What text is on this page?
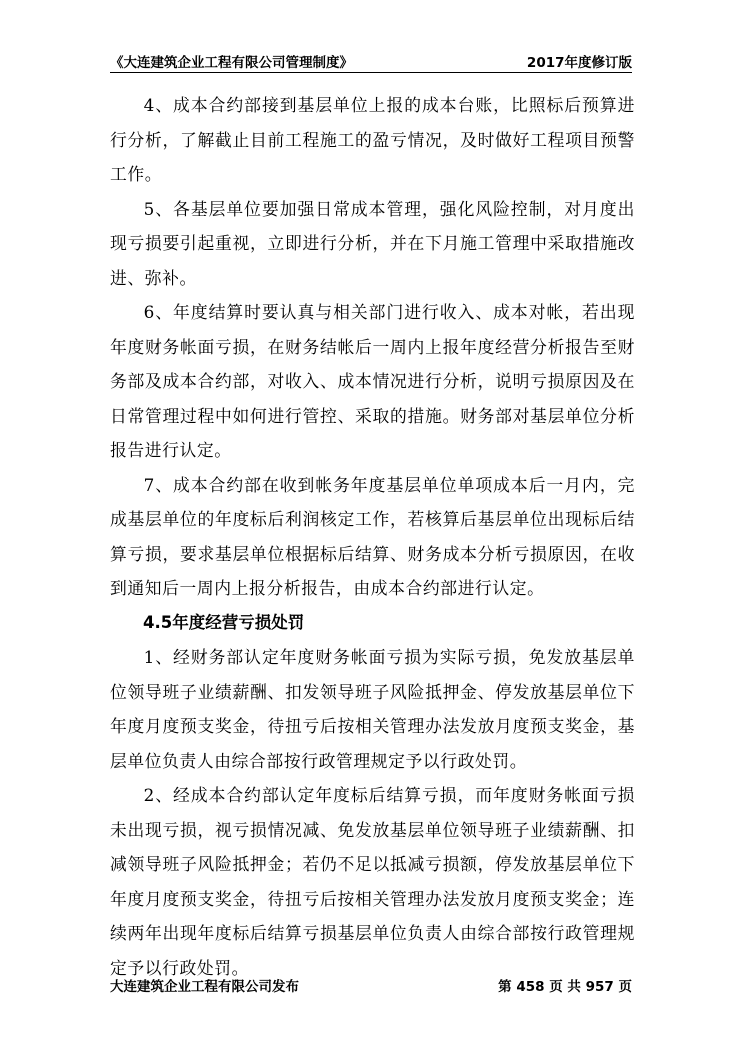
《大连建筑企业工程有限公司管理制度》	2017年度修订版

4、成本合约部接到基层单位上报的成本台账，比照标后预算进行分析，了解截止目前工程施工的盈亏情况，及时做好工程项目预警工作。

5、各基层单位要加强日常成本管理，强化风险控制，对月度出现亏损要引起重视，立即进行分析，并在下月施工管理中采取措施改进、弥补。

6、年度结算时要认真与相关部门进行收入、成本对帐，若出现年度财务帐面亏损，在财务结帐后一周内上报年度经营分析报告至财务部及成本合约部，对收入、成本情况进行分析，说明亏损原因及在日常管理过程中如何进行管控、采取的措施。财务部对基层单位分析报告进行认定。

7、成本合约部在收到帐务年度基层单位单项成本后一月内，完成基层单位的年度标后利润核定工作，若核算后基层单位出现标后结算亏损，要求基层单位根据标后结算、财务成本分析亏损原因，在收到通知后一周内上报分析报告，由成本合约部进行认定。

4.5年度经营亏损处罚

1、经财务部认定年度财务帐面亏损为实际亏损，免发放基层单位领导班子业绩薪酬、扣发领导班子风险抵押金、停发放基层单位下年度月度预支奖金，待扭亏后按相关管理办法发放月度预支奖金，基层单位负责人由综合部按行政管理规定予以行政处罚。

2、经成本合约部认定年度标后结算亏损，而年度财务帐面亏损未出现亏损，视亏损情况减、免发放基层单位领导班子业绩薪酬、扣减领导班子风险抵押金；若仍不足以抵减亏损额，停发放基层单位下年度月度预支奖金，待扭亏后按相关管理办法发放月度预支奖金；连续两年出现年度标后结算亏损基层单位负责人由综合部按行政管理规定予以行政处罚。

大连建筑企业工程有限公司发布	第 458 页 共 957 页
